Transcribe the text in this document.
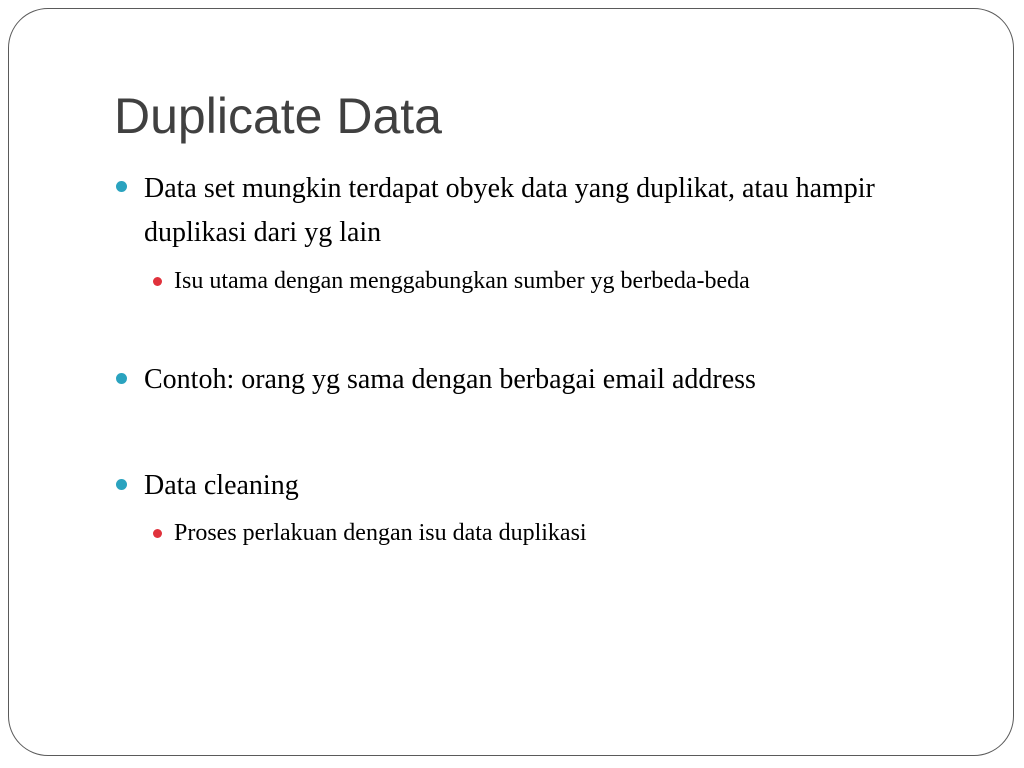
Duplicate Data
Data set mungkin terdapat obyek data yang duplikat, atau hampir duplikasi dari yg lain
Isu utama dengan menggabungkan sumber yg berbeda-beda
Contoh: orang yg sama dengan berbagai email address
Data cleaning
Proses perlakuan dengan isu data duplikasi
